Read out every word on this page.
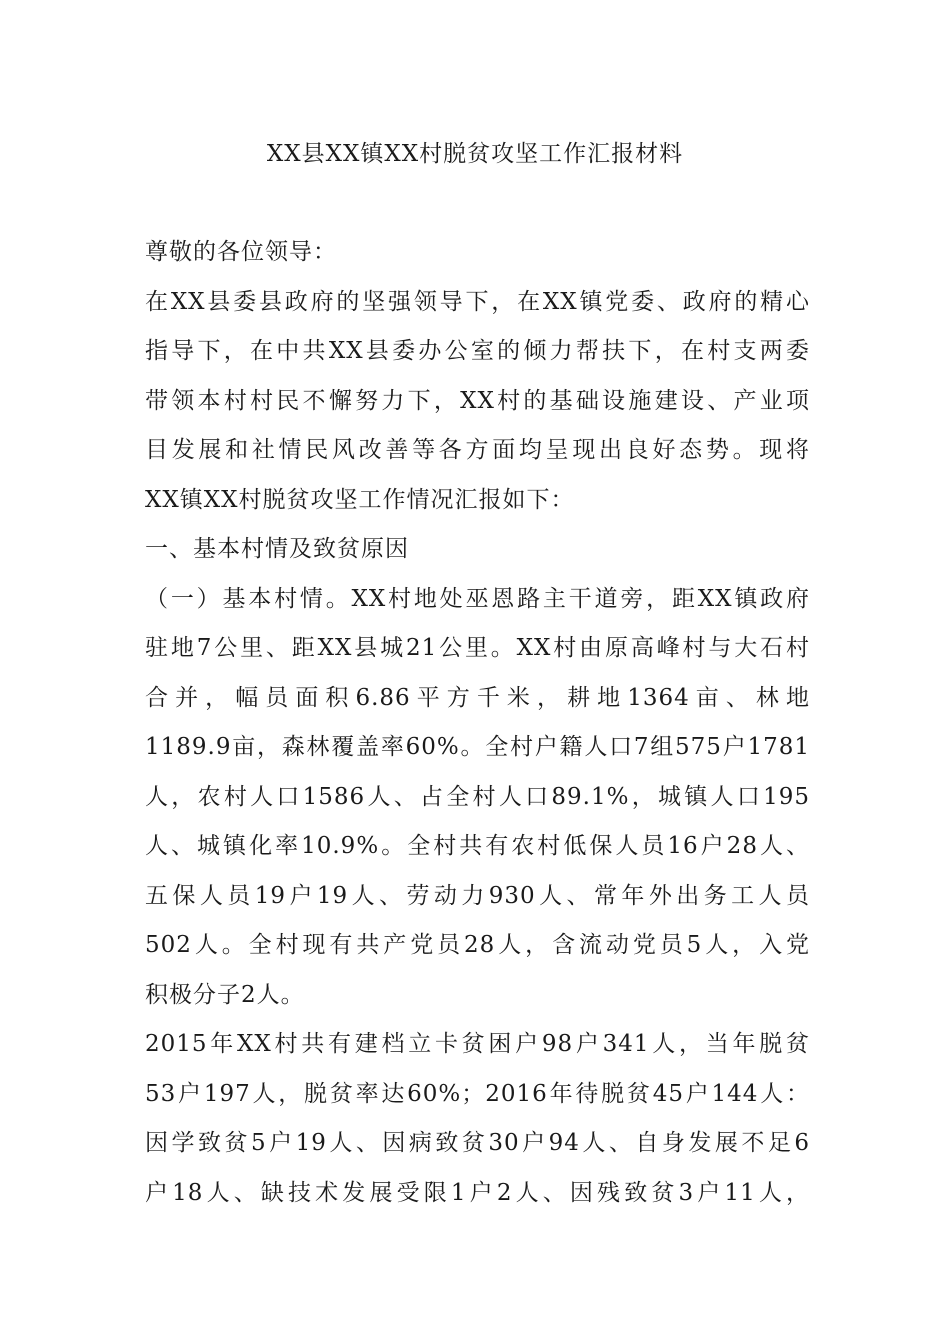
XX县XX镇XX村脱贫攻坚工作汇报材料
尊敬的各位领导：
在XX县委县政府的坚强领导下，在XX镇党委、政府的精心
指导下，在中共XX县委办公室的倾力帮扶下，在村支两委
带领本村村民不懈努力下，XX村的基础设施建设、产业项
目发展和社情民风改善等各方面均呈现出良好态势。现将
XX镇XX村脱贫攻坚工作情况汇报如下：
一、基本村情及致贫原因
（一）基本村情。XX村地处巫恩路主干道旁，距XX镇政府
驻地7公里、距XX县城21公里。XX村由原高峰村与大石村
合并，幅员面积6.86平方千米，耕地1364亩、林地
1189.9亩，森林覆盖率60%。全村户籍人口7组575户1781
人，农村人口1586人、占全村人口89.1%，城镇人口195
人、城镇化率10.9%。全村共有农村低保人员16户28人、
五保人员19户19人、劳动力930人、常年外出务工人员
502人。全村现有共产党员28人，含流动党员5人，入党
积极分子2人。
2015年XX村共有建档立卡贫困户98户341人，当年脱贫
53户197人，脱贫率达60%；2016年待脱贫45户144人：
因学致贫5户19人、因病致贫30户94人、自身发展不足6
户18人、缺技术发展受限1户2人、因残致贫3户11人，
